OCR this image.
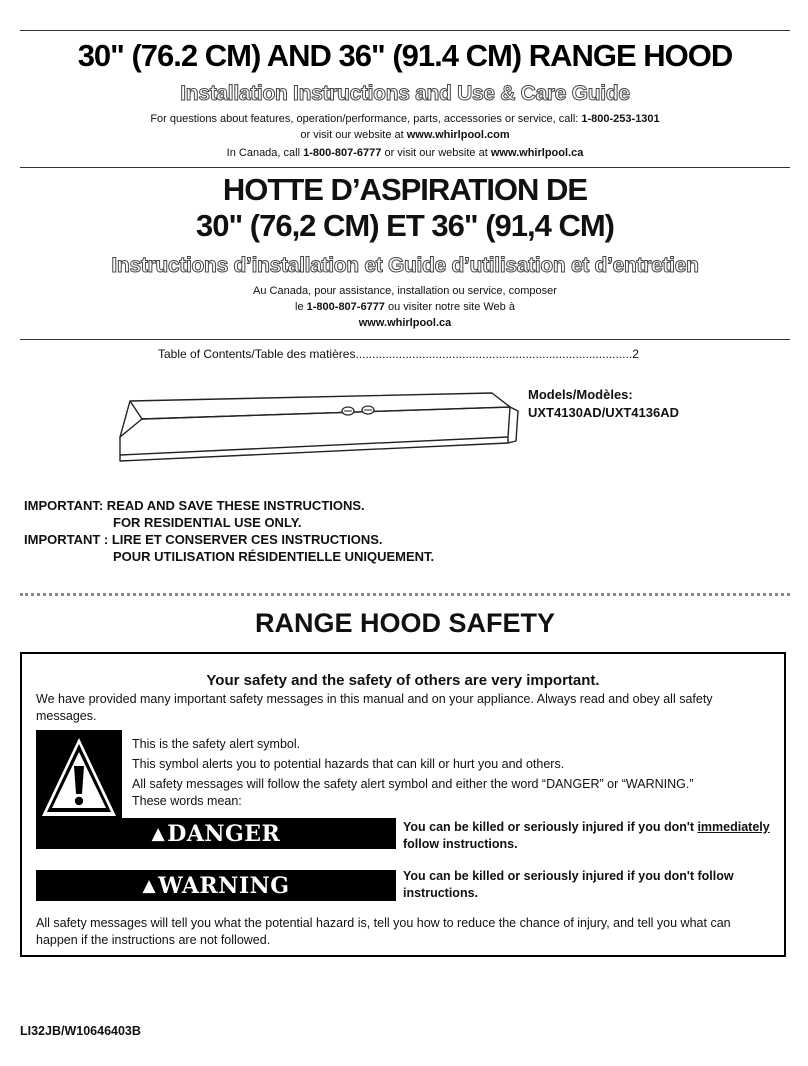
30" (76.2 CM) AND 36" (91.4 CM) RANGE HOOD
Installation Instructions and Use & Care Guide
For questions about features, operation/performance, parts, accessories or service, call: 1-800-253-1301
or visit our website at www.whirlpool.com
In Canada, call 1-800-807-6777 or visit our website at www.whirlpool.ca
HOTTE D’ASPIRATION DE
30" (76,2 CM) ET 36" (91,4 CM)
Instructions d’installation et Guide d’utilisation et d’entretien
Au Canada, pour assistance, installation ou service, composer
le 1-800-807-6777 ou visiter notre site Web à
www.whirlpool.ca
Table of Contents/Table des matières...................................................................................2
Models/Modèles:
UXT4130AD/UXT4136AD
IMPORTANT: READ AND SAVE THESE INSTRUCTIONS.

FOR RESIDENTIAL USE ONLY.
IMPORTANT : LIRE ET CONSERVER CES INSTRUCTIONS.

POUR UTILISATION RÉSIDENTIELLE UNIQUEMENT.
RANGE HOOD SAFETY
Your safety and the safety of others are very important.
We have provided many important safety messages in this manual and on your appliance. Always read and obey all safety messages.
This is the safety alert symbol.
This symbol alerts you to potential hazards that can kill or hurt you and others.
All safety messages will follow the safety alert symbol and either the word “DANGER” or “WARNING.”
These words mean:
▲ DANGER	You can be killed or seriously injured if you don't immediately follow instructions.
▲ WARNING	You can be killed or seriously injured if you don't follow instructions.
All safety messages will tell you what the potential hazard is, tell you how to reduce the chance of injury, and tell you what can happen if the instructions are not followed.
LI32JB/W10646403B
